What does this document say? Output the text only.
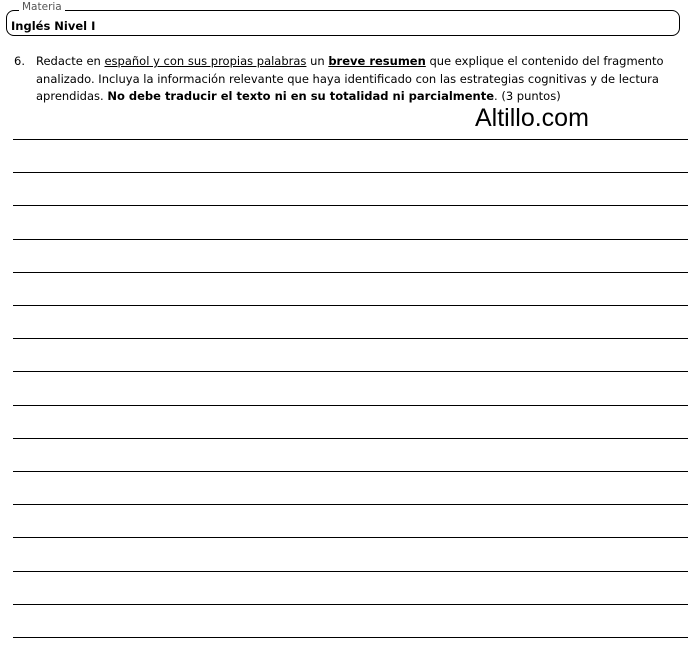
Materia
Inglés Nivel I
6. Redacte en español y con sus propias palabras un breve resumen que explique el contenido del fragmento analizado. Incluya la información relevante que haya identificado con las estrategias cognitivas y de lectura aprendidas. No debe traducir el texto ni en su totalidad ni parcialmente. (3 puntos)
Altillo.com
